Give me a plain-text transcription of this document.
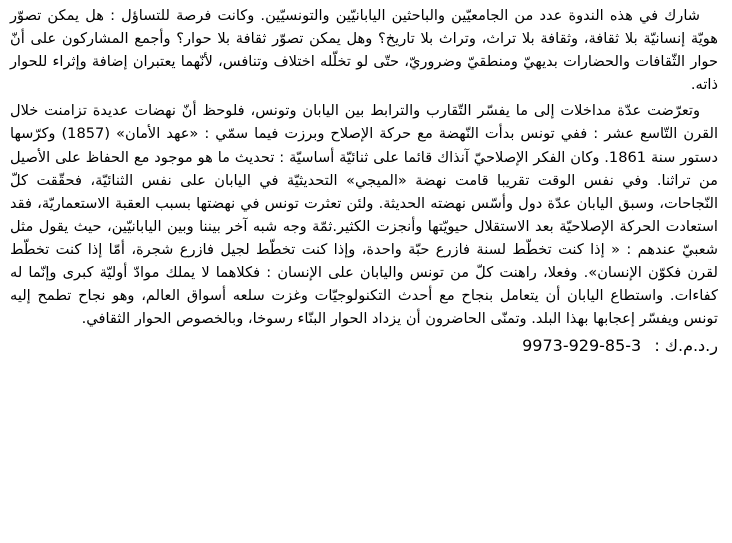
شارك في هذه الندوة عدد من الجامعيّين والباحثين اليابانيّين والتونسيّين. وكانت فرصة للتساؤل : هل يمكن تصوّر هويّة إنسانيّة بلا ثقافة، وثقافة بلا تراث، وتراث بلا تاريخ؟ وهل يمكن تصوّر ثقافة بلا حوار؟ وأجمع المشاركون على أنّ حوار الثّقافات والحضارات بديهيّ ومنطقيّ وضروريّ، حتّى لو تخلّله اختلاف وتنافس، لأنّهما يعتبران إضافة وإثراء للحوار ذاته.

وتعرّضت عدّة مداخلات إلى ما يفسّر التّقارب والترابط بين اليابان وتونس، فلوحظ أنّ نهضات عديدة تزامنت خلال القرن التّاسع عشر : ففي تونس بدأت النّهضة مع حركة الإصلاح وبرزت فيما سمّي : «عهد الأمان» (1857) وكرّسها دستور سنة 1861. وكان الفكر الإصلاحيّ آنذاك قائما على ثنائيّة أساسيّة : تحديث ما هو موجود مع الحفاظ على الأصيل من تراثنا. وفي نفس الوقت تقريبا قامت نهضة «الميجي» التحديثيّة في اليابان على نفس الثنائيّة، فحقّقت كلّ النّجاحات، وسبق اليابان عدّة دول وأسّس نهضته الحديثة. ولئن تعثرت تونس في نهضتها بسبب العقبة الاستعماريّة، فقد استعادت الحركة الإصلاحيّة بعد الاستقلال حيويّتها وأنجزت الكثير.ثمّة وجه شبه آخر بيننا وبين اليابانيّين، حيث يقول مثل شعبيّ عندهم : « إذا كنت تخطّط لسنة فازرع حبّة واحدة، وإذا كنت تخطّط لجيل فازرع شجرة، أمّا إذا كنت تخطّط لقرن فكوّن الإنسان». وفعلا، راهنت كلّ من تونس واليابان على الإنسان : فكلاهما لا يملك موادّ أوليّة كبرى وإنّما له كفاءات. واستطاع اليابان أن يتعامل بنجاح مع أحدث التكنولوجيّات وغزت سلعه أسواق العالم، وهو نجاح تطمح إليه تونس ويفسّر إعجابها بهذا البلد. وتمنّى الحاضرون أن يزداد الحوار البنّاء رسوخا، وبالخصوص الحوار الثقافي.

ر.د.م.ك : 9973-929-85-3
